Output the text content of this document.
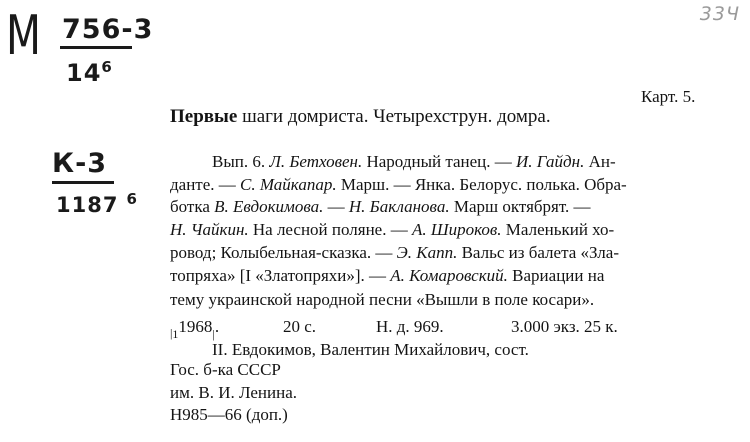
М 756-3
$14^6$
К-3
1187 $^6$
33Ч
Карт. 5.
Первые шаги домриста. Четырехструн. домра.
Вып. 6. Л. Бетховен. Народный танец. — И. Гайдн. Ан-
данте. — С. Майкапар. Марш. — Янка. Белорус. полька. Обра-
ботка В. Евдокимова. — Н. Бакланова. Марш октябрят. —
Н. Чайкин. На лесной поляне. — А. Широков. Маленький хо-
ровод; Колыбельная-сказка. — Э. Капп. Вальс из балета «Зла-
топряха» [I «Златопряхи»]. — А. Комаровский. Вариации на
тему украинской народной песни «Вышли в поле косари».
$_{|1}1968_|$.	20 с.	Н. д. 969.	3.000 экз. 25 к.
II. Евдокимов, Валентин Михайлович, сост.
Гос. б-ка СССР
им. В. И. Ленина.
Н985—66 (доп.)
